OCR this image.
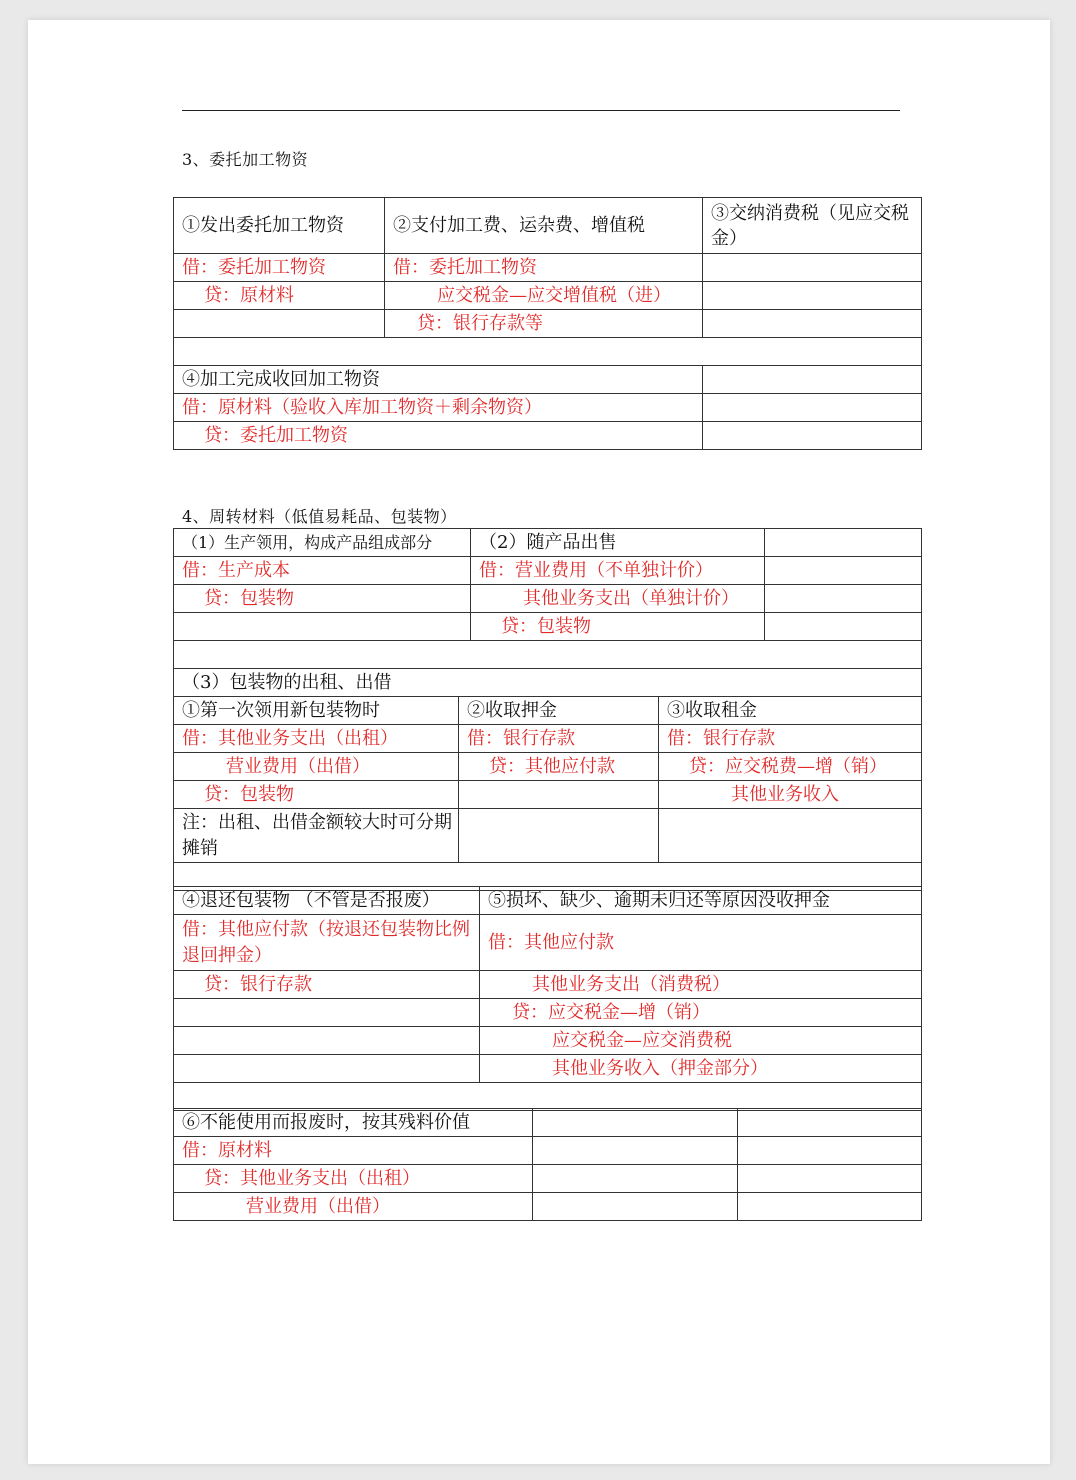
3、委托加工物资
①发出委托加工物资	②支付加工费、运杂费、增值税	③交纳消费税（见应交税金）
借：委托加工物资	借：委托加工物资	
贷：原材料	应交税金—应交增值税（进）	
	贷：银行存款等	

④加工完成收回加工物资		
借：原材料（验收入库加工物资＋剩余物资）		
贷：委托加工物资		
4、周转材料（低值易耗品、包装物）
（1）生产领用，构成产品组成部分	（2）随产品出售	
借：生产成本	借：营业费用（不单独计价）	
贷：包装物	其他业务支出（单独计价）	
	贷：包装物	

（3）包装物的出租、出借		
①第一次领用新包装物时	②收取押金	③收取租金
借：其他业务支出（出租）	借：银行存款	借：银行存款
营业费用（出借）	贷：其他应付款	贷：应交税费—增（销）
贷：包装物		其他业务收入
注：出租、出借金额较大时可分期摊销		

④退还包装物 （不管是否报废）	⑤损坏、缺少、逾期未归还等原因没收押金
借：其他应付款（按退还包装物比例退回押金）	借：其他应付款
贷：银行存款	其他业务支出（消费税）
	贷：应交税金—增（销）
	应交税金—应交消费税
	其他业务收入（押金部分）

⑥不能使用而报废时，按其残料价值		
借：原材料		
贷：其他业务支出（出租）		
营业费用（出借）		
